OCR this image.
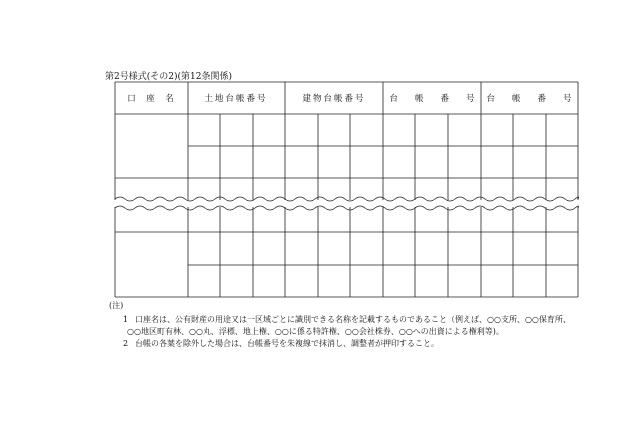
第2号様式(その2)(第12条関係)
口　座　名	土地台帳番号	建物台帳番号	台　　帳　　番　　号 台　　帳　　番　　号
(注)
1 口座名は、公有財産の用途又は一区域ごとに識別できる名称を記載するものであること（例えば、○○支所、○○保育所、
○○地区町有林、○○丸、浮標、地上権、○○に係る特許権、○○会社株券、○○への出資による権利等)。
2 台帳の各葉を除外した場合は、台帳番号を朱複線で抹消し、調整者が押印すること。
